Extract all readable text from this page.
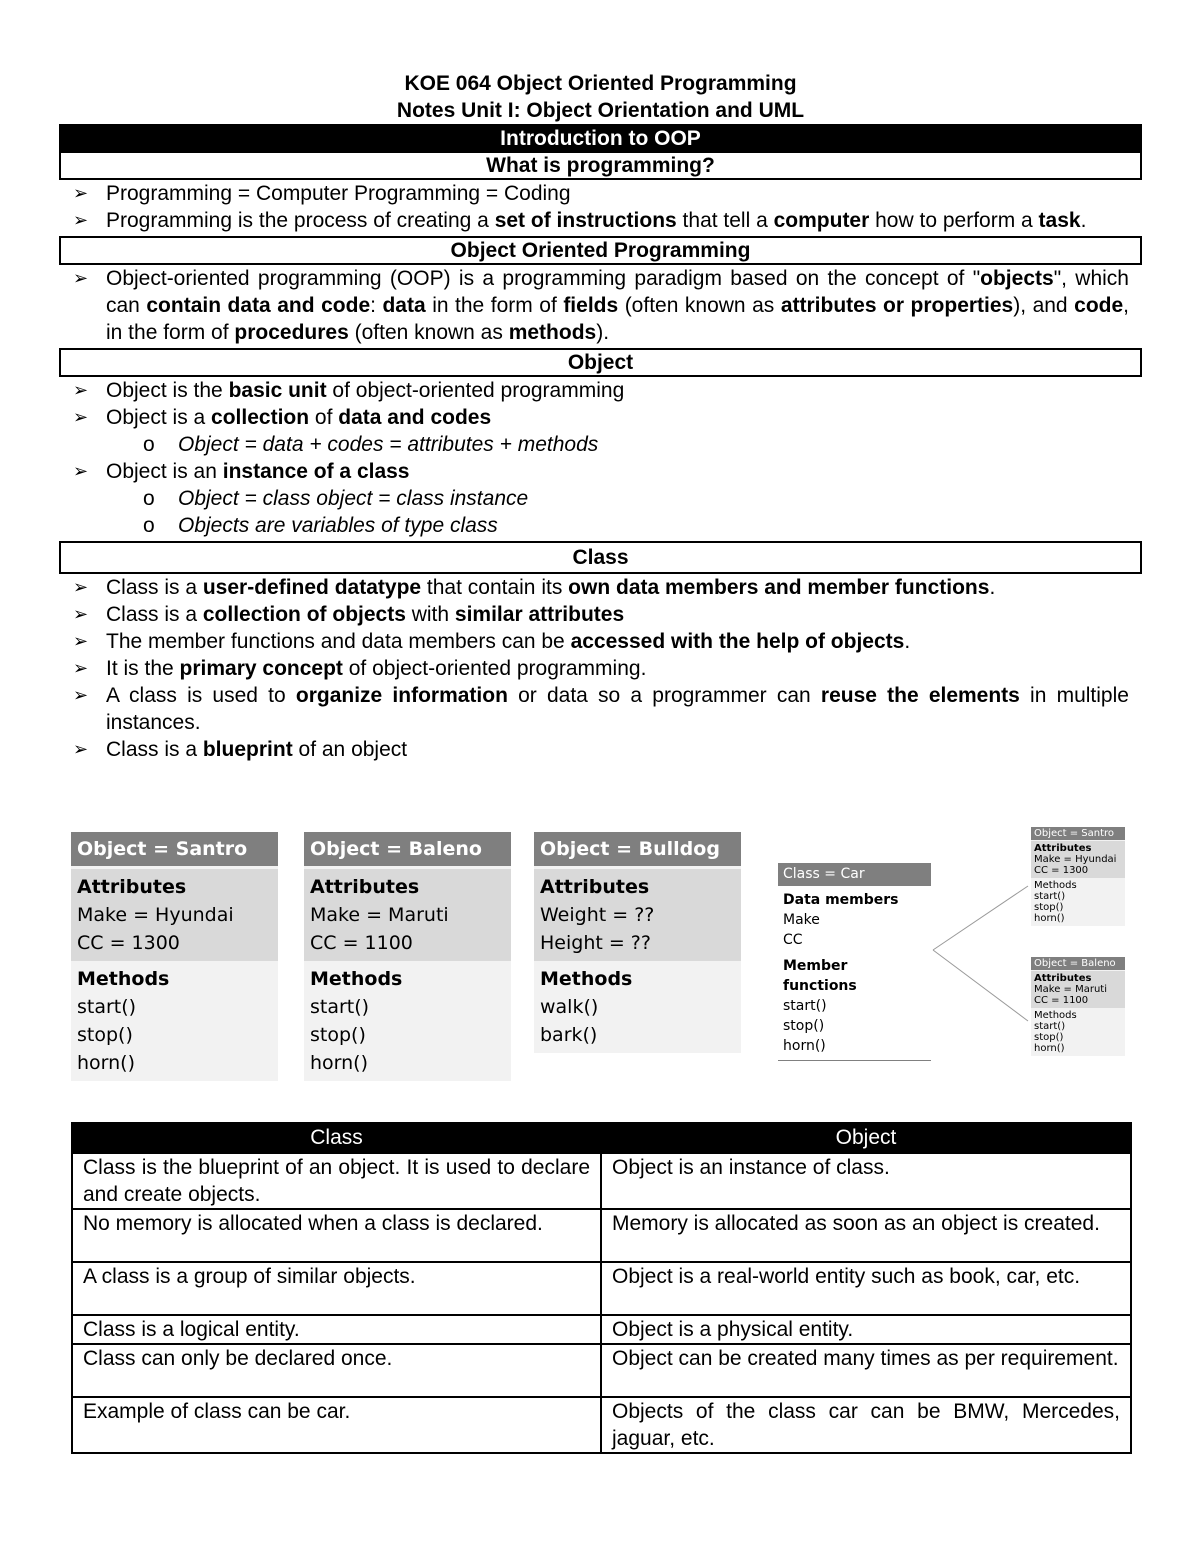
KOE 064 Object Oriented Programming
Notes Unit I: Object Orientation and UML
Introduction to OOP
What is programming?
➢ Programming = Computer Programming = Coding
➢ Programming is the process of creating a set of instructions that tell a computer how to perform a task.
Object Oriented Programming
➢ Object-oriented programming (OOP) is a programming paradigm based on the concept of "objects", which can contain data and code: data in the form of fields (often known as attributes or properties), and code, in the form of procedures (often known as methods).
Object
➢ Object is the basic unit of object-oriented programming
➢ Object is a collection of data and codes
o Object = data + codes = attributes + methods
➢ Object is an instance of a class
o Object = class object = class instance
o Objects are variables of type class
Class
➢ Class is a user-defined datatype that contain its own data members and member functions.
➢ Class is a collection of objects with similar attributes
➢ The member functions and data members can be accessed with the help of objects.
➢ It is the primary concept of object-oriented programming.
➢ A class is used to organize information or data so a programmer can reuse the elements in multiple instances.
➢ Class is a blueprint of an object
Object = Santro
Attributes
Make = Hyundai
CC = 1300
Methods
start()
stop()
horn()
Object = Baleno
Attributes
Make = Maruti
CC = 1100
Methods
start()
stop()
horn()
Object = Bulldog
Attributes
Weight = ??
Height = ??
Methods
walk()
bark()
Class = Car
Data members
Make
CC
Member functions
start()
stop()
horn()
Object = Santro
Attributes
Make = Hyundai
CC = 1300
Methods
start()
stop()
horn()
Object = Baleno
Attributes
Make = Maruti
CC = 1100
Methods
start()
stop()
horn()
Class	Object
Class is the blueprint of an object. It is used to declare and create objects.	Object is an instance of class.
No memory is allocated when a class is declared.	Memory is allocated as soon as an object is created.
A class is a group of similar objects.	Object is a real-world entity such as book, car, etc.
Class is a logical entity.	Object is a physical entity.
Class can only be declared once.	Object can be created many times as per requirement.
Example of class can be car.	Objects of the class car can be BMW, Mercedes, jaguar, etc.
